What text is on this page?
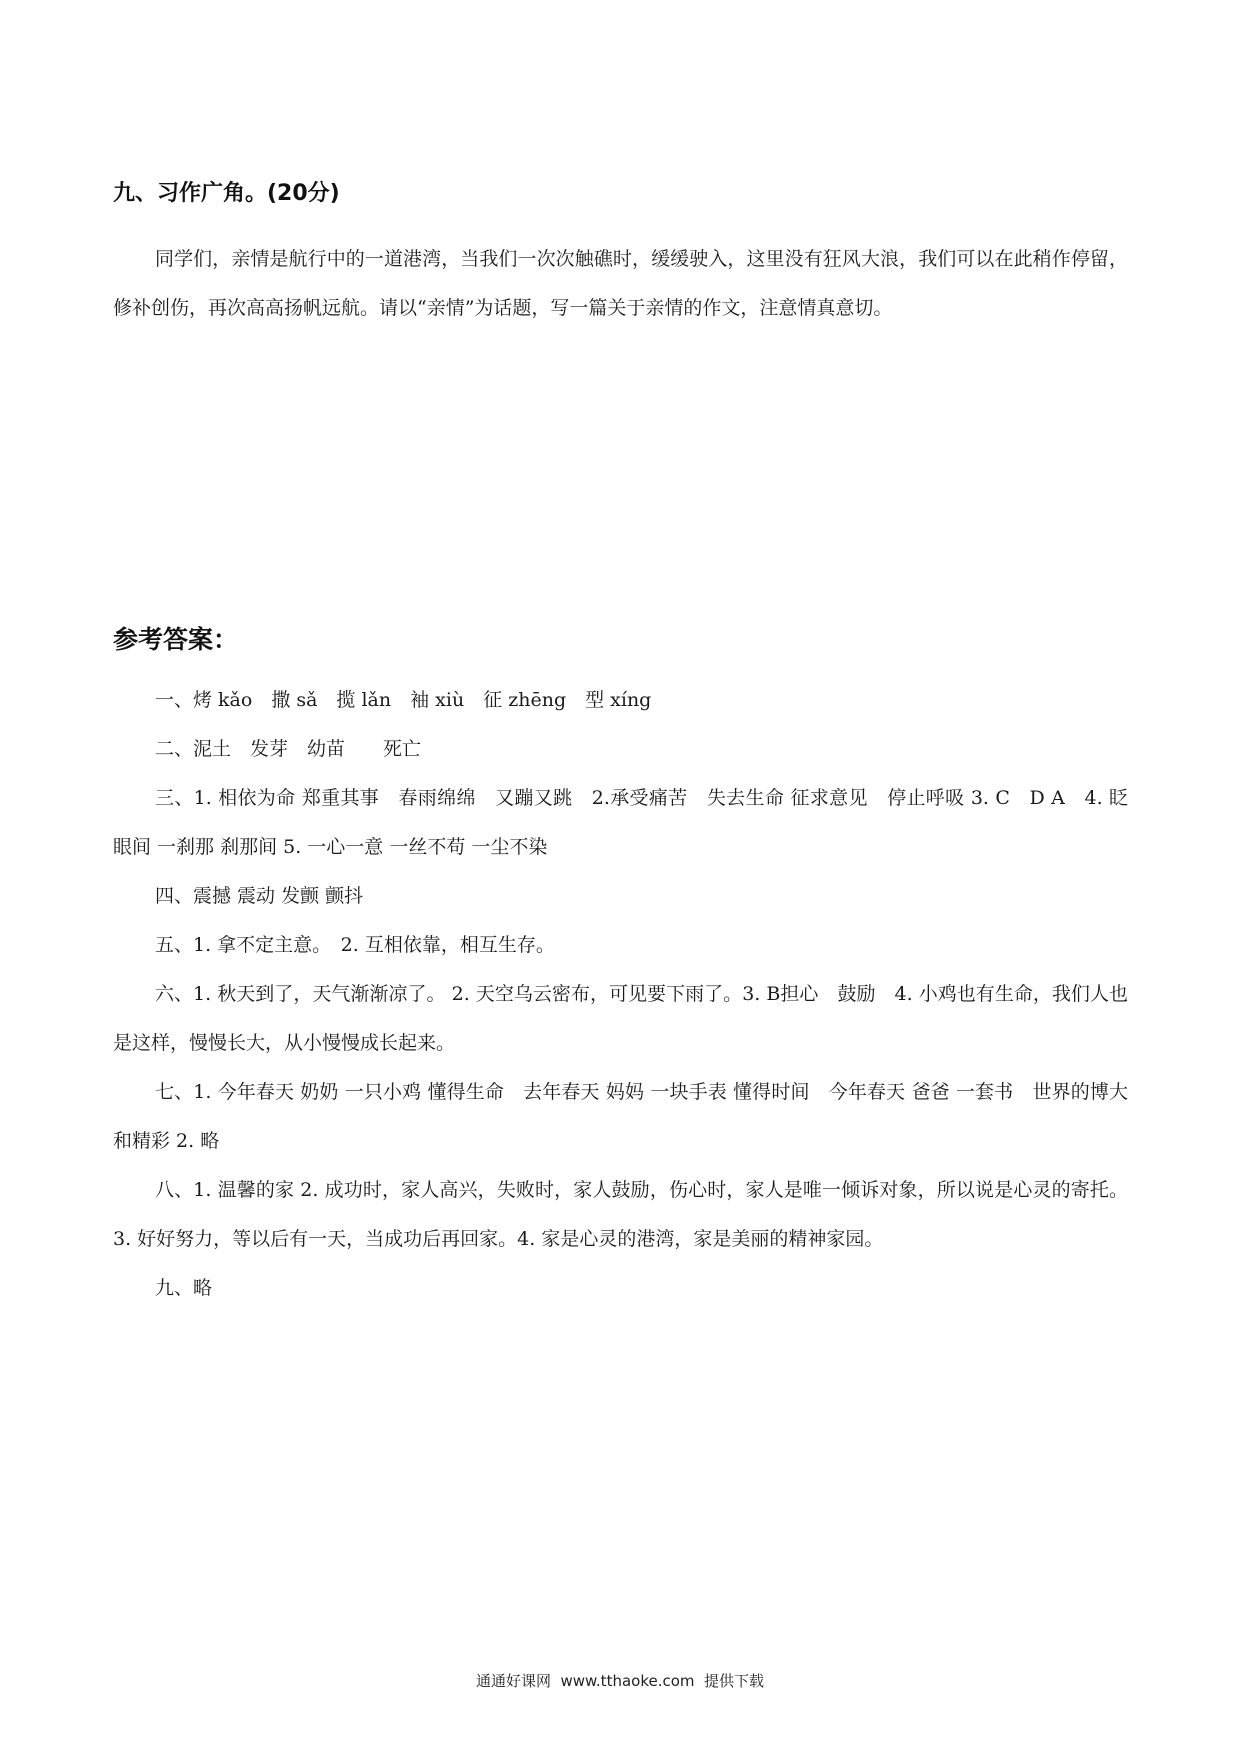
九、习作广角。(20分)

同学们，亲情是航行中的一道港湾，当我们一次次触礁时，缓缓驶入，这里没有狂风大浪，我们可以在此稍作停留，修补创伤，再次高高扬帆远航。请以“亲情”为话题，写一篇关于亲情的作文，注意情真意切。

参考答案：

一、烤 kǎo　撒 sǎ　揽 lǎn　袖 xiù　征 zhēng　型 xíng

二、泥土　发芽　幼苗　　死亡

三、1. 相依为命 郑重其事　春雨绵绵　又蹦又跳　2.承受痛苦　失去生命 征求意见　停止呼吸 3. C　D A　4. 眨眼间 一刹那 刹那间 5. 一心一意 一丝不苟 一尘不染

四、震撼 震动 发颤 颤抖

五、1. 拿不定主意。　2. 互相依靠，相互生存。

六、1. 秋天到了，天气渐渐凉了。 2. 天空乌云密布，可见要下雨了。3. B担心　鼓励　4. 小鸡也有生命，我们人也是这样，慢慢长大，从小慢慢成长起来。

七、1. 今年春天 奶奶 一只小鸡 懂得生命　去年春天 妈妈 一块手表 懂得时间　今年春天 爸爸 一套书　世界的博大和精彩 2. 略

八、1. 温馨的家 2. 成功时，家人高兴，失败时，家人鼓励，伤心时，家人是唯一倾诉对象，所以说是心灵的寄托。3. 好好努力，等以后有一天，当成功后再回家。4. 家是心灵的港湾，家是美丽的精神家园。

九、略

通通好课网  www.tthaoke.com  提供下载
